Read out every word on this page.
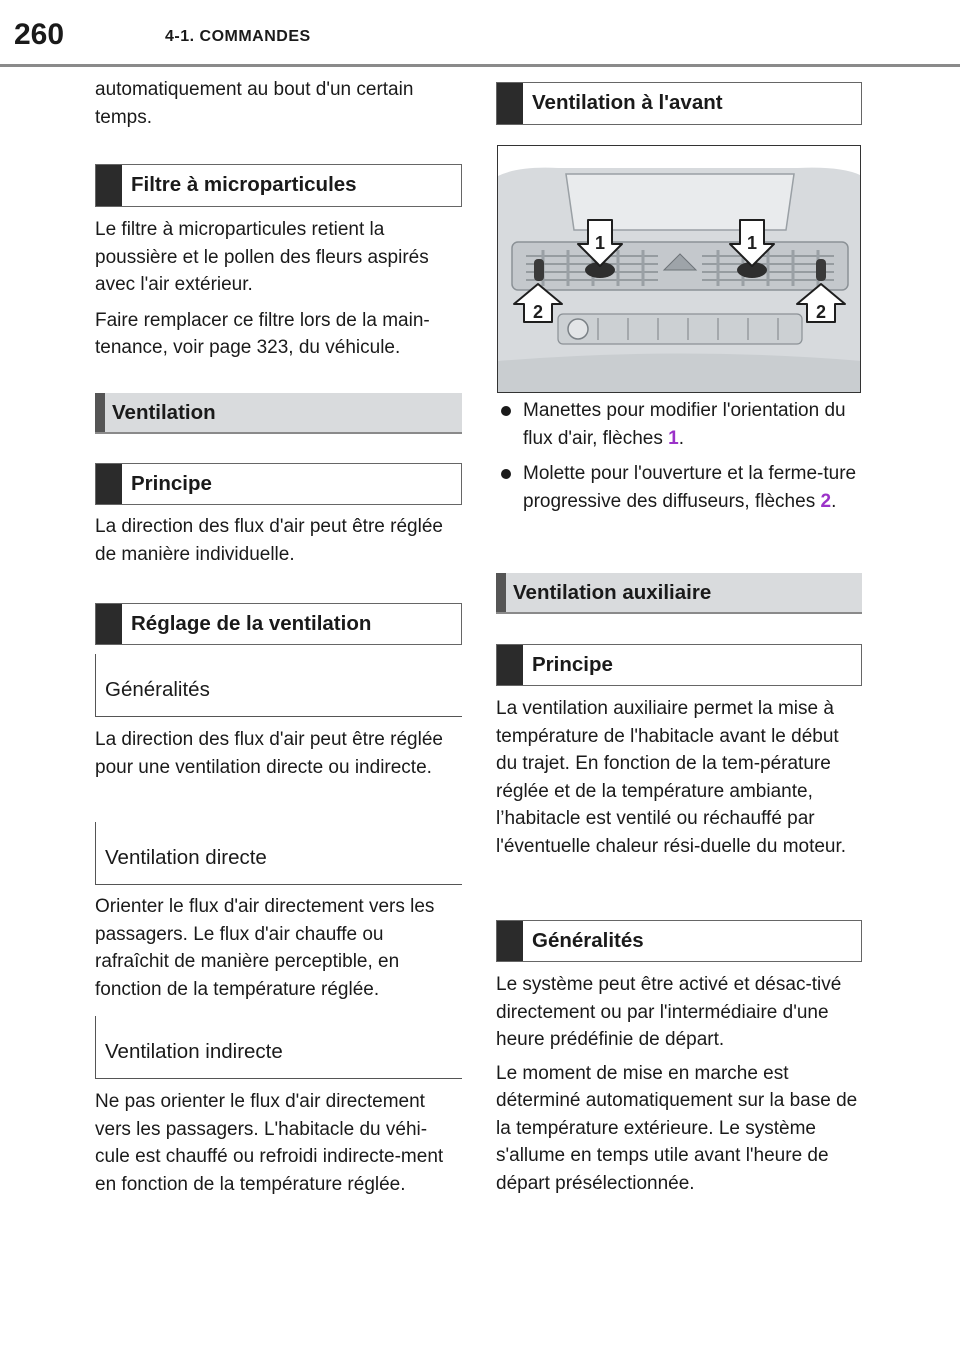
260	4-1. COMMANDES
automatiquement au bout d'un certain temps.
Filtre à microparticules

Le filtre à microparticules retient la poussière et le pollen des fleurs aspirés avec l'air extérieur.

Faire remplacer ce filtre lors de la main-tenance, voir page 323, du véhicule.

Ventilation
Principe
La direction des flux d'air peut être réglée de manière individuelle.
Réglage de la ventilation
Généralités
La direction des flux d'air peut être réglée pour une ventilation directe ou indirecte.
Ventilation directe
Orienter le flux d'air directement vers les passagers. Le flux d'air chauffe ou rafraîchit de manière perceptible, en fonction de la température réglée.
Ventilation indirecte
Ne pas orienter le flux d'air directement vers les passagers. L'habitacle du véhi-cule est chauffé ou refroidi indirecte-ment en fonction de la température réglée.
Ventilation à l'avant
1	1
2	2
Manettes pour modifier l'orientation du flux d'air, flèches 1.
Molette pour l'ouverture et la ferme-ture progressive des diffuseurs, flèches 2.
Ventilation auxiliaire
Principe
La ventilation auxiliaire permet la mise à température de l'habitacle avant le début du trajet. En fonction de la tem-pérature réglée et de la température ambiante, l’habitacle est ventilé ou réchauffé par l'éventuelle chaleur rési-duelle du moteur.
Généralités

Le système peut être activé et désac-tivé directement ou par l'intermédiaire d'une heure prédéfinie de départ.

Le moment de mise en marche est déterminé automatiquement sur la base de la température extérieure. Le système s'allume en temps utile avant l'heure de départ présélectionnée.
